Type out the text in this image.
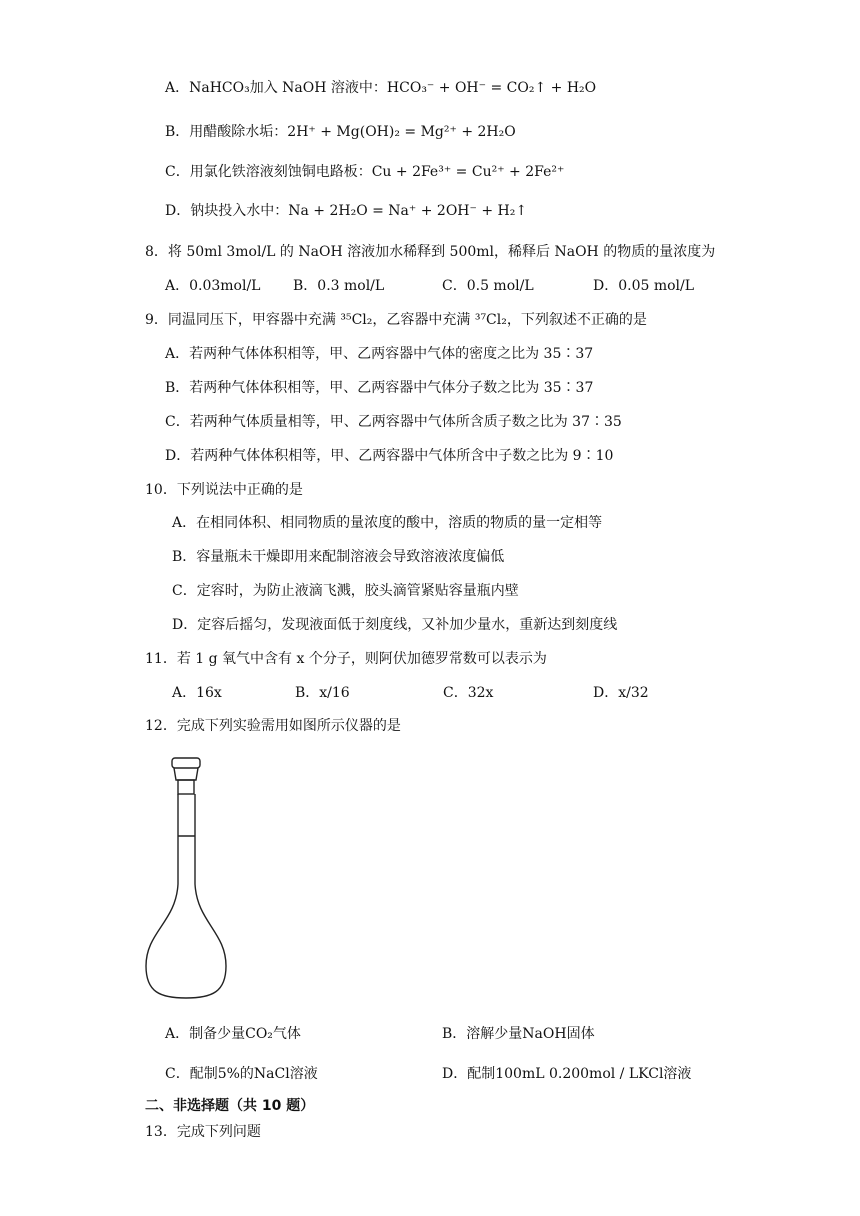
A．NaHCO₃加入 NaOH 溶液中：HCO₃⁻ + OH⁻ = CO₂↑ + H₂O
B．用醋酸除水垢：2H⁺ + Mg(OH)₂ = Mg²⁺ + 2H₂O
C．用氯化铁溶液刻蚀铜电路板：Cu + 2Fe³⁺ = Cu²⁺ + 2Fe²⁺
D．钠块投入水中：Na + 2H₂O = Na⁺ + 2OH⁻ + H₂↑
8．将 50ml 3mol/L 的 NaOH 溶液加水稀释到 500ml，稀释后 NaOH 的物质的量浓度为
A．0.03mol/L B．0.3 mol/L	C．0.5 mol/L	D．0.05 mol/L
9．同温同压下，甲容器中充满 ³⁵Cl₂，乙容器中充满 ³⁷Cl₂，下列叙述不正确的是
A．若两种气体体积相等，甲、乙两容器中气体的密度之比为 35∶37
B．若两种气体体积相等，甲、乙两容器中气体分子数之比为 35∶37
C．若两种气体质量相等，甲、乙两容器中气体所含质子数之比为 37∶35
D．若两种气体体积相等，甲、乙两容器中气体所含中子数之比为 9∶10
10．下列说法中正确的是
A．在相同体积、相同物质的量浓度的酸中，溶质的物质的量一定相等
B．容量瓶未干燥即用来配制溶液会导致溶液浓度偏低
C．定容时，为防止液滴飞溅，胶头滴管紧贴容量瓶内壁
D．定容后摇匀，发现液面低于刻度线，又补加少量水，重新达到刻度线
11．若 1 g 氧气中含有 x 个分子，则阿伏加德罗常数可以表示为
A．16x	B．x/16	C．32x	D．x/32
12．完成下列实验需用如图所示仪器的是
A．制备少量CO₂气体	B．溶解少量NaOH固体
C．配制5%的NaCl溶液	D．配制100mL 0.200mol / LKCl溶液
二、非选择题（共 10 题）
13．完成下列问题
